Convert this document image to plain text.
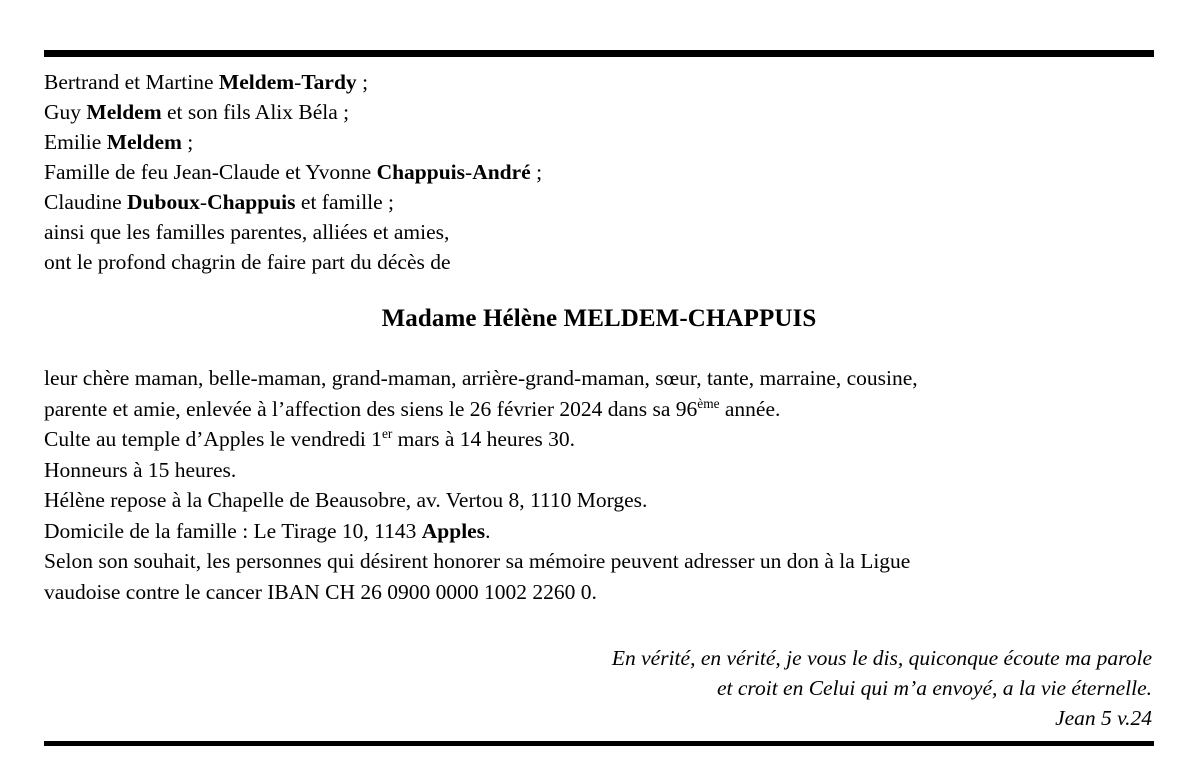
Bertrand et Martine Meldem-Tardy ;
Guy Meldem et son fils Alix Béla ;
Emilie Meldem ;
Famille de feu Jean-Claude et Yvonne Chappuis-André ;
Claudine Duboux-Chappuis et famille ;
ainsi que les familles parentes, alliées et amies,
ont le profond chagrin de faire part du décès de
Madame Hélène MELDEM-CHAPPUIS
leur chère maman, belle-maman, grand-maman, arrière-grand-maman, sœur, tante, marraine, cousine,
parente et amie, enlevée à l’affection des siens le 26 février 2024 dans sa 96ème année.
Culte au temple d’Apples le vendredi 1er mars à 14 heures 30.
Honneurs à 15 heures.
Hélène repose à la Chapelle de Beausobre, av. Vertou 8, 1110 Morges.
Domicile de la famille : Le Tirage 10, 1143 Apples.
Selon son souhait, les personnes qui désirent honorer sa mémoire peuvent adresser un don à la Ligue
vaudoise contre le cancer IBAN CH 26 0900 0000 1002 2260 0.
En vérité, en vérité, je vous le dis, quiconque écoute ma parole
et croit en Celui qui m’a envoyé, a la vie éternelle.
Jean 5 v.24
